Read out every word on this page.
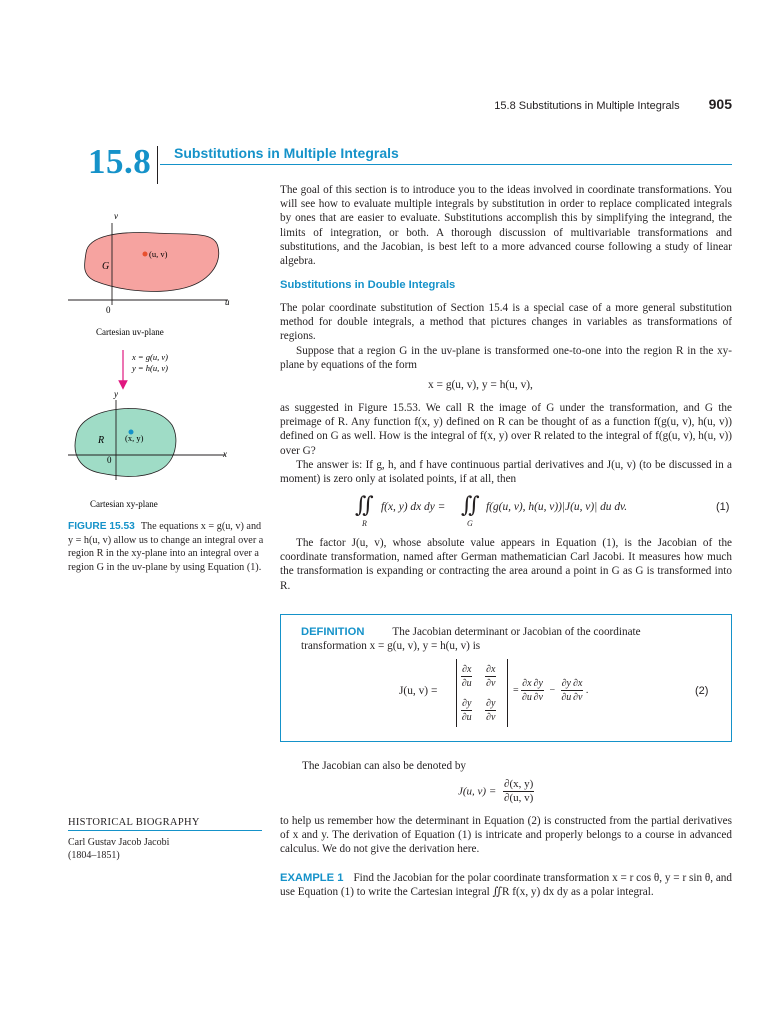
15.8 Substitutions in Multiple Integrals 905
15.8 Substitutions in Multiple Integrals

The goal of this section is to introduce you to the ideas involved in coordinate transformations. You will see how to evaluate multiple integrals by substitution in order to replace complicated integrals by ones that are easier to evaluate. Substitutions accomplish this by simplifying the integrand, the limits of integration, or both. A thorough discussion of multivariable transformations and substitutions, and the Jacobian, is best left to a more advanced course following a study of linear algebra.

Substitutions in Double Integrals

The polar coordinate substitution of Section 15.4 is a special case of a more general substitution method for double integrals, a method that pictures changes in variables as transformations of regions.

Suppose that a region G in the uv-plane is transformed one-to-one into the region R in the xy-plane by equations of the form

x = g(u, v), y = h(u, v),

as suggested in Figure 15.53. We call R the image of G under the transformation, and G the preimage of R. Any function f(x, y) defined on R can be thought of as a function f(g(u, v), h(u, v)) defined on G as well. How is the integral of f(x, y) over R related to the integral of f(g(u, v), h(u, v)) over G?

The answer is: If g, h, and f have continuous partial derivatives and J(u, v) (to be discussed in a moment) is zero only at isolated points, if at all, then

∬
R
f(x, y) dx dy = ∬
G
f(g(u, v), h(u, v))|J(u, v)| du dv.	(1)

The factor J(u, v), whose absolute value appears in Equation (1), is the Jacobian of the coordinate transformation, named after German mathematician Carl Jacobi. It measures how much the transformation is expanding or contracting the area around a point in G as G is transformed into R.

DEFINITION	The Jacobian determinant or Jacobian of the coordinate transformation x = g(u, v), y = h(u, v) is
J(u, v) =
$\frac{\partial x}{\partial u} \frac{\partial x}{\partial v}$
$\frac{\partial y}{\partial u} \frac{\partial y}{\partial v}$
= $\frac{\partial x}{\partial u} \frac{\partial y}{\partial v} - \frac{\partial y}{\partial u} \frac{\partial x}{\partial v}$ .	(2)
The Jacobian can also be denoted by
J(u, $v) = \frac{\partial(x, y)}{\partial(u, v)}$

to help us remember how the determinant in Equation (2) is constructed from the partial derivatives of x and y. The derivation of Equation (1) is intricate and properly belongs to a course in advanced calculus. We do not give the derivation here.

EXAMPLE 1 Find the Jacobian for the polar coordinate transformation x = r cos θ, y = r sin θ, and use Equation (1) to write the Cartesian integral ∬R f(x, y) dx dy as a polar integral.

v
u
0
G
(u, v)
Cartesian uv-plane
x = g(u, v)
y = h(u, v)
y
x
0
R (x, y)
Cartesian xy-plane
FIGURE 15.53 The equations x = g(u, v) and y = h(u, v) allow us to change an integral over a region R in the xy-plane into an integral over a region G in the uv-plane by using Equation (1).
HISTORICAL BIOGRAPHY
Carl Gustav Jacob Jacobi
(1804–1851)
